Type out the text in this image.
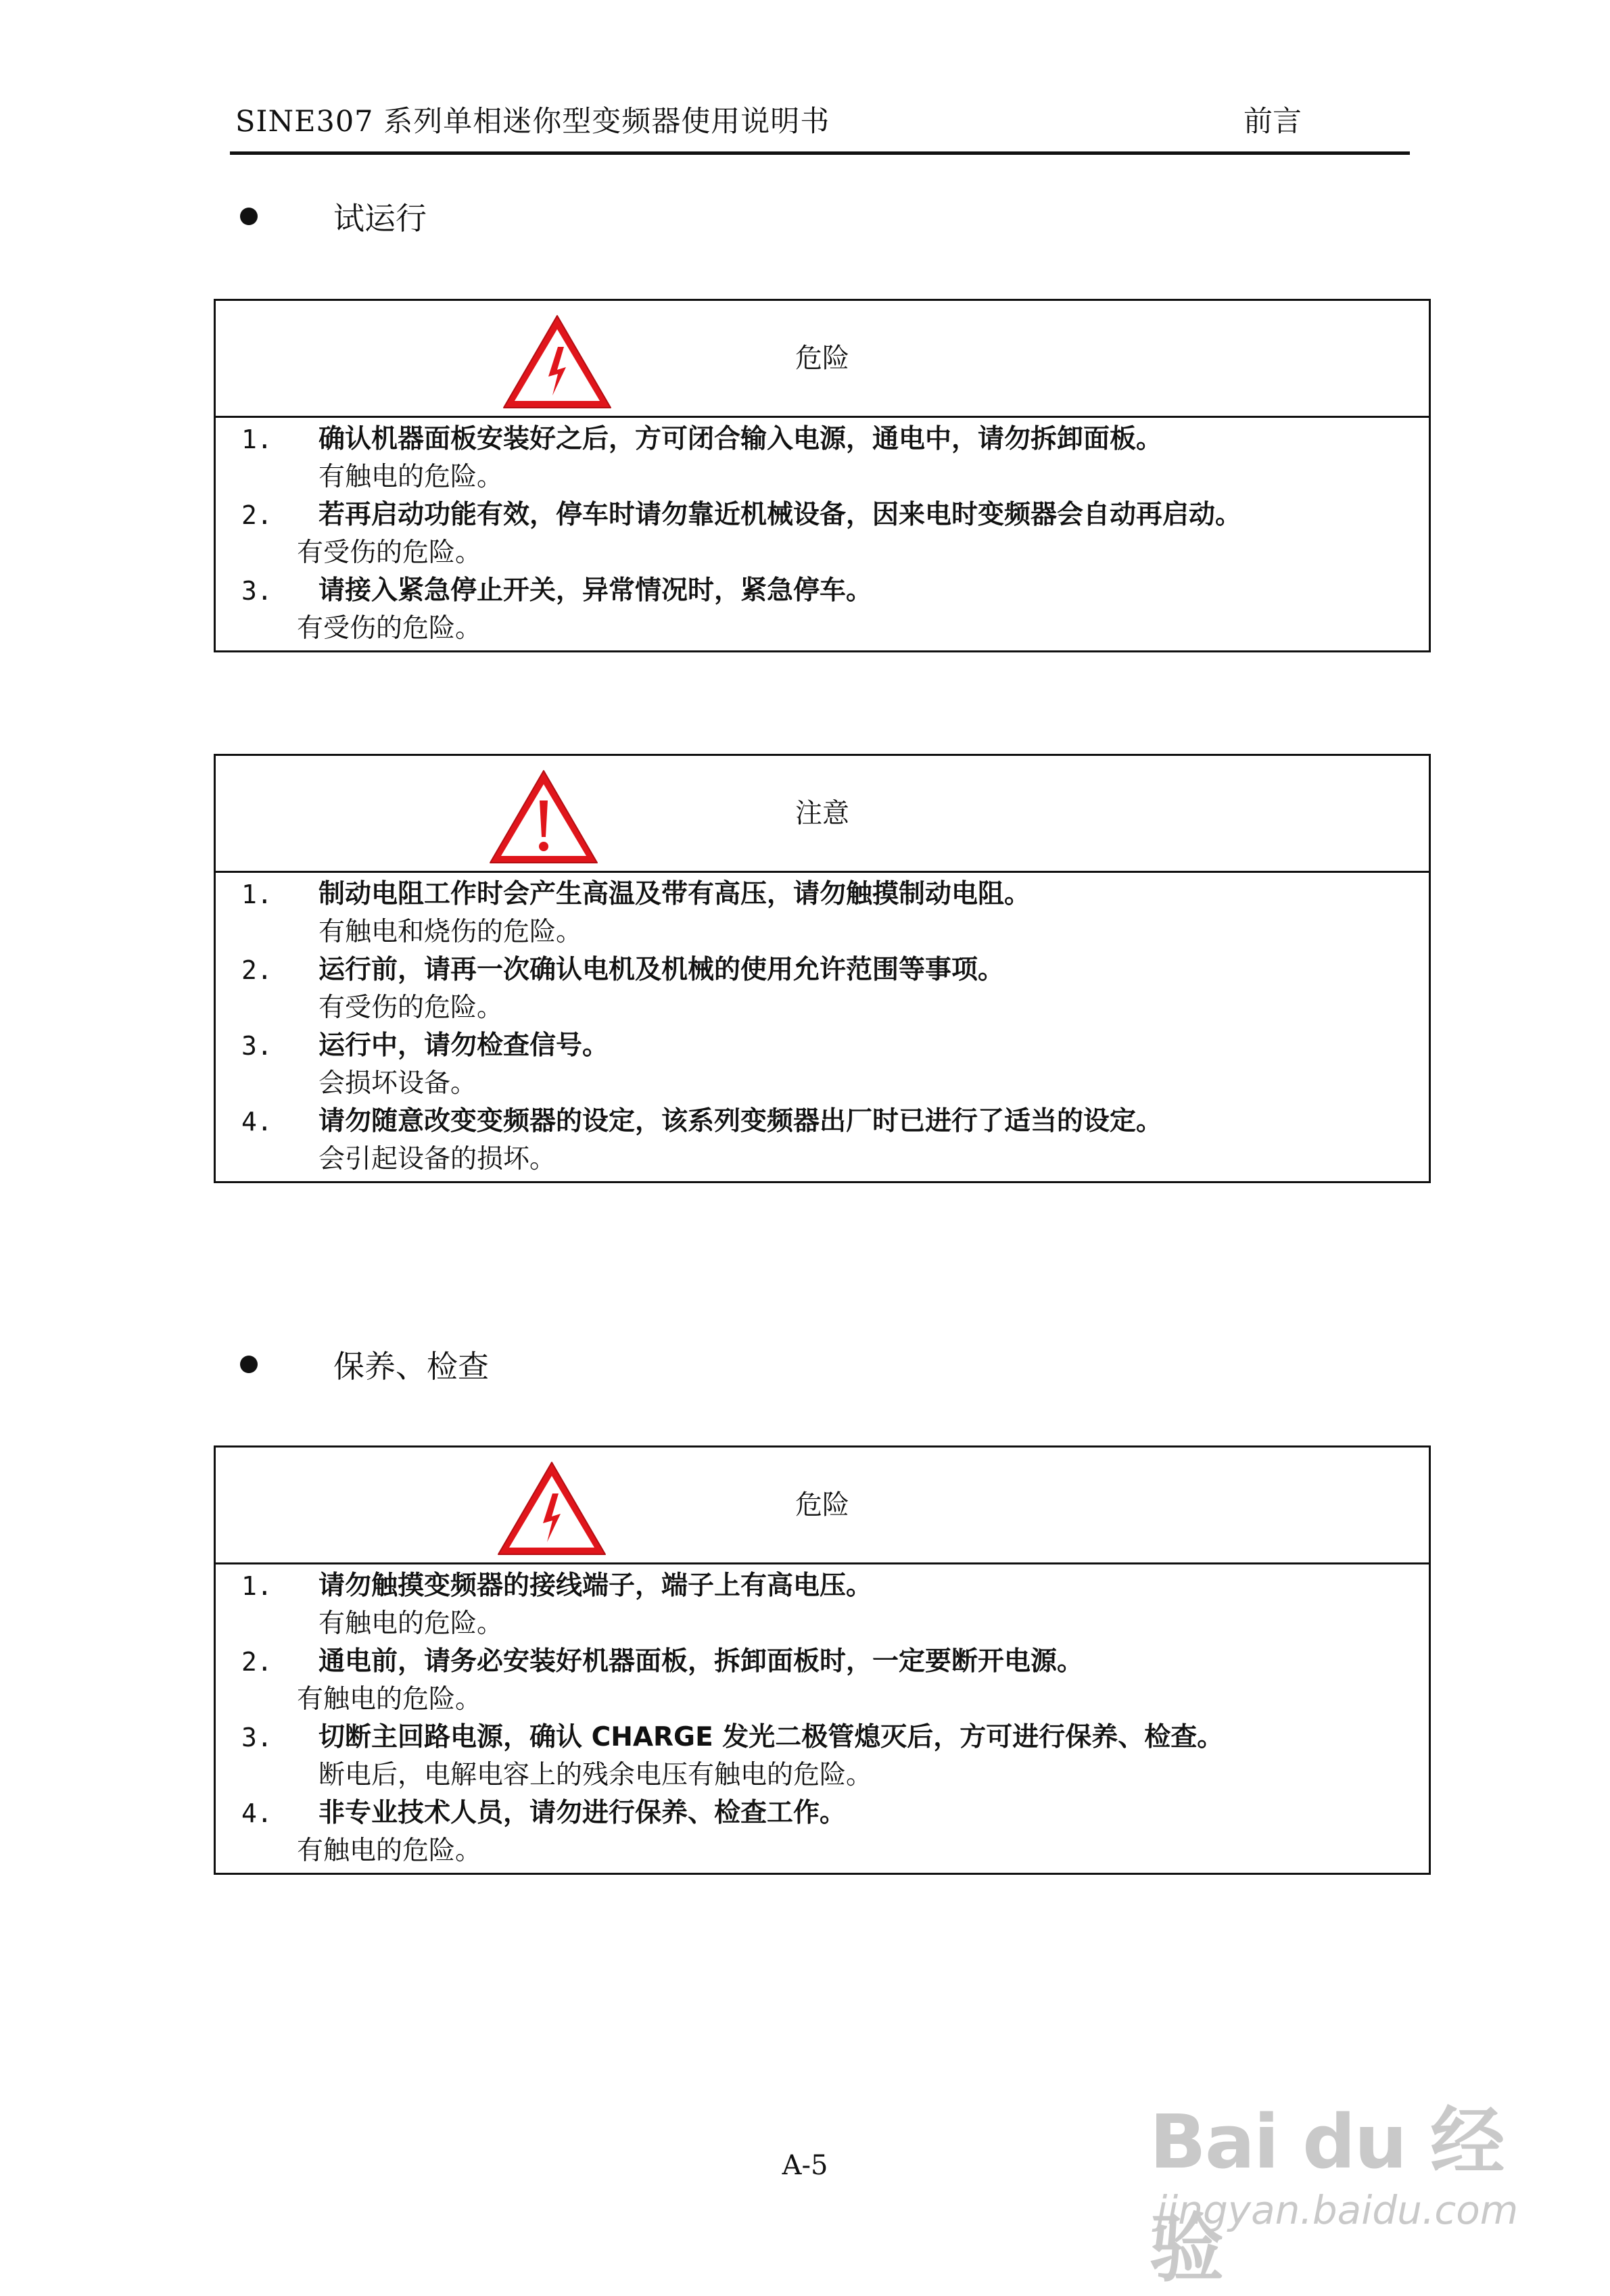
SINE307 系列单相迷你型变频器使用说明书	前言
试运行
危险
1. 确认机器面板安装好之后，方可闭合输入电源，通电中，请勿拆卸面板。
有触电的危险。
2. 若再启动功能有效，停车时请勿靠近机械设备，因来电时变频器会自动再启动。
有受伤的危险。
3. 请接入紧急停止开关，异常情况时，紧急停车。
有受伤的危险。
注意
1. 制动电阻工作时会产生高温及带有高压，请勿触摸制动电阻。
有触电和烧伤的危险。
2. 运行前，请再一次确认电机及机械的使用允许范围等事项。
有受伤的危险。
3. 运行中，请勿检查信号。
会损坏设备。
4. 请勿随意改变变频器的设定，该系列变频器出厂时已进行了适当的设定。
会引起设备的损坏。
保养、检查
危险
1. 请勿触摸变频器的接线端子，端子上有高电压。
有触电的危险。
2. 通电前，请务必安装好机器面板，拆卸面板时，一定要断开电源。
有触电的危险。
3. 切断主回路电源，确认 CHARGE 发光二极管熄灭后，方可进行保养、检查。
断电后，电解电容上的残余电压有触电的危险。
4. 非专业技术人员，请勿进行保养、检查工作。
有触电的危险。
A-5	Bai du 经验
jingyan.baidu.com
